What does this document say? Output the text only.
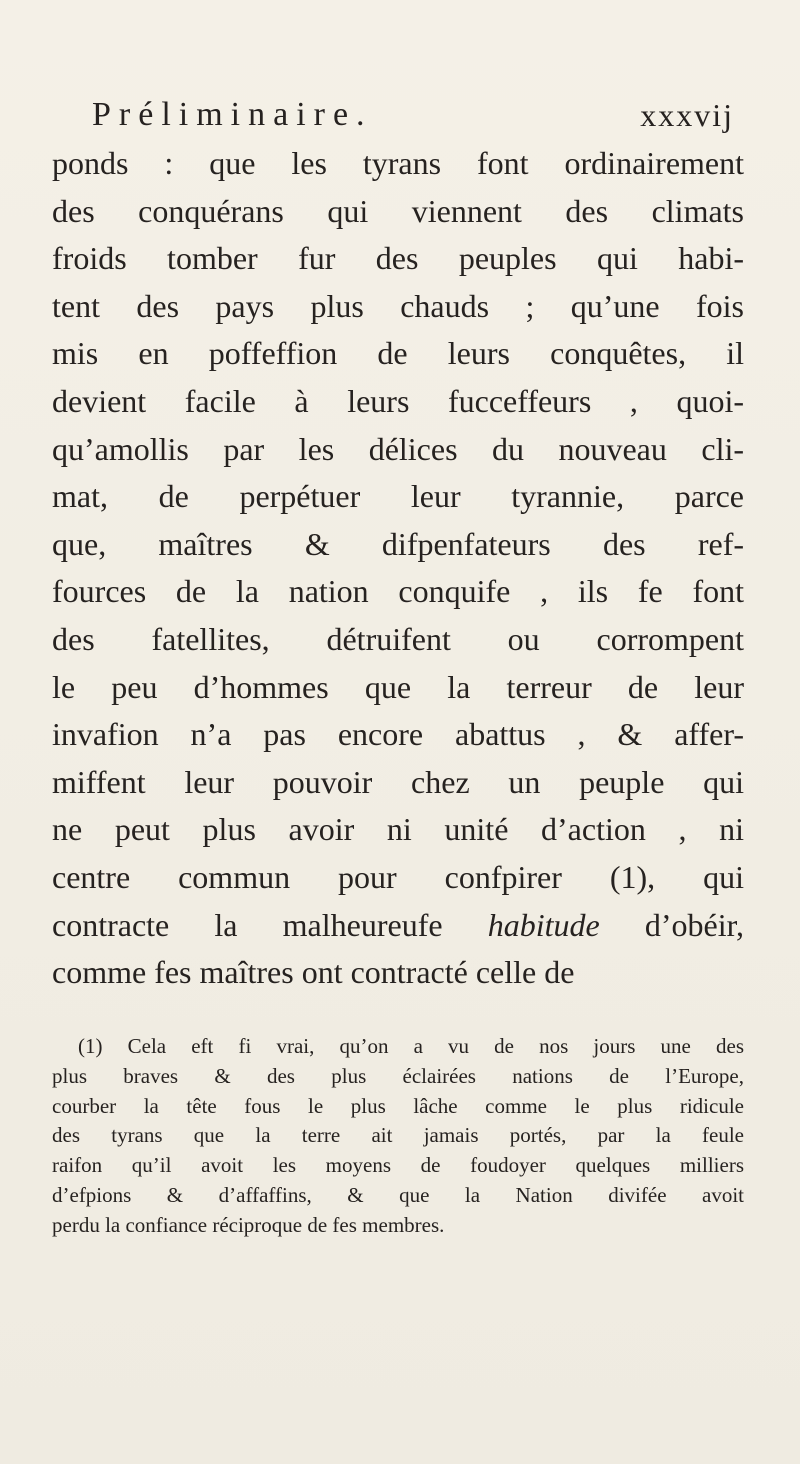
Préliminaire.	xxxvij
ponds : que les tyrans font ordinairement
des conquérans qui viennent des climats
froids tomber fur des peuples qui habi-
tent des pays plus chauds ; qu’une fois
mis en poffeffion de leurs conquêtes, il
devient facile à leurs fucceffeurs , quoi-
qu’amollis par les délices du nouveau cli-
mat, de perpétuer leur tyrannie, parce
que, maîtres & difpenfateurs des ref-
fources de la nation conquife , ils fe font
des fatellites, détruifent ou corrompent
le peu d’hommes que la terreur de leur
invafion n’a pas encore abattus , & affer-
miffent leur pouvoir chez un peuple qui
ne peut plus avoir ni unité d’action , ni
centre commun pour confpirer (1), qui
contracte la malheureufe habitude d’obéir,
comme fes maîtres ont contracté celle de
(1) Cela eft fi vrai, qu’on a vu de nos jours une des
plus braves & des plus éclairées nations de l’Europe,
courber la tête fous le plus lâche comme le plus ridicule
des tyrans que la terre ait jamais portés, par la feule
raifon qu’il avoit les moyens de foudoyer quelques milliers
d’efpions & d’affaffins, & que la Nation divifée avoit
perdu la confiance réciproque de fes membres.
